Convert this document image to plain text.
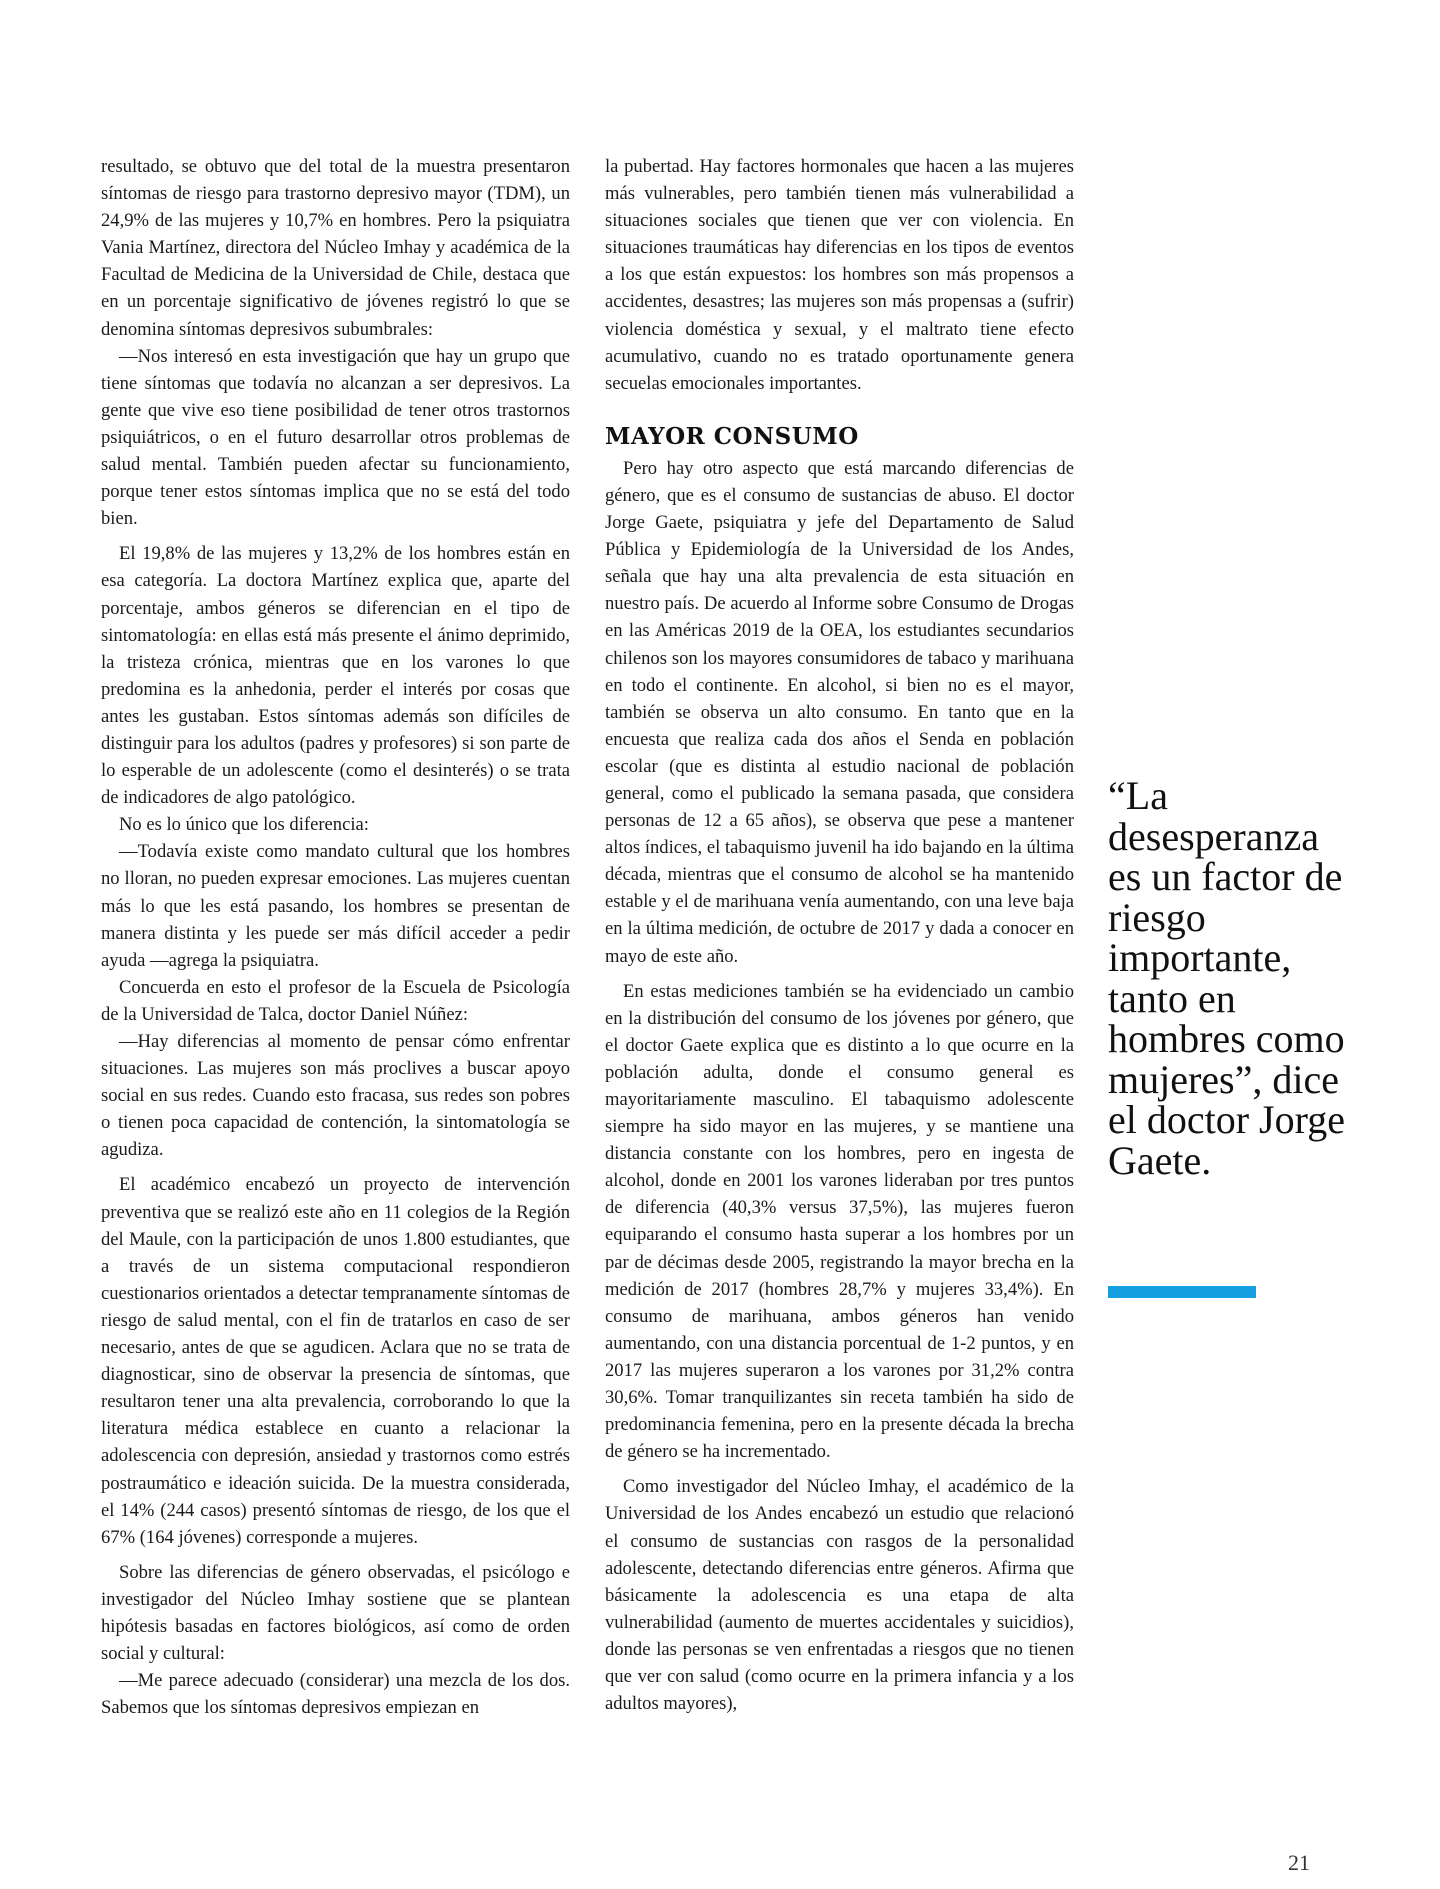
resultado, se obtuvo que del total de la muestra presentaron síntomas de riesgo para trastorno depresivo mayor (TDM), un 24,9% de las mujeres y 10,7% en hombres. Pero la psiquiatra Vania Martínez, directora del Núcleo Imhay y académica de la Facultad de Medicina de la Universidad de Chile, destaca que en un porcentaje significativo de jóvenes registró lo que se denomina síntomas depresivos subumbrales:

—Nos interesó en esta investigación que hay un grupo que tiene síntomas que todavía no alcanzan a ser depresivos. La gente que vive eso tiene posibilidad de tener otros trastornos psiquiátricos, o en el futuro desarrollar otros problemas de salud mental. También pueden afectar su funcionamiento, porque tener estos síntomas implica que no se está del todo bien.

El 19,8% de las mujeres y 13,2% de los hombres están en esa categoría. La doctora Martínez explica que, aparte del porcentaje, ambos géneros se diferencian en el tipo de sintomatología: en ellas está más presente el ánimo deprimido, la tristeza crónica, mientras que en los varones lo que predomina es la anhedonia, perder el interés por cosas que antes les gustaban. Estos síntomas además son difíciles de distinguir para los adultos (padres y profesores) si son parte de lo esperable de un adolescente (como el desinterés) o se trata de indicadores de algo patológico.

No es lo único que los diferencia:

—Todavía existe como mandato cultural que los hombres no lloran, no pueden expresar emociones. Las mujeres cuentan más lo que les está pasando, los hombres se presentan de manera distinta y les puede ser más difícil acceder a pedir ayuda —agrega la psiquiatra.

Concuerda en esto el profesor de la Escuela de Psicología de la Universidad de Talca, doctor Daniel Núñez:

—Hay diferencias al momento de pensar cómo enfrentar situaciones. Las mujeres son más proclives a buscar apoyo social en sus redes. Cuando esto fracasa, sus redes son pobres o tienen poca capacidad de contención, la sintomatología se agudiza.

El académico encabezó un proyecto de intervención preventiva que se realizó este año en 11 colegios de la Región del Maule, con la participación de unos 1.800 estudiantes, que a través de un sistema computacional respondieron cuestionarios orientados a detectar tempranamente síntomas de riesgo de salud mental, con el fin de tratarlos en caso de ser necesario, antes de que se agudicen. Aclara que no se trata de diagnosticar, sino de observar la presencia de síntomas, que resultaron tener una alta prevalencia, corroborando lo que la literatura médica establece en cuanto a relacionar la adolescencia con depresión, ansiedad y trastornos como estrés postraumático e ideación suicida. De la muestra considerada, el 14% (244 casos) presentó síntomas de riesgo, de los que el 67% (164 jóvenes) corresponde a mujeres.

Sobre las diferencias de género observadas, el psicólogo e investigador del Núcleo Imhay sostiene que se plantean hipótesis basadas en factores biológicos, así como de orden social y cultural:

—Me parece adecuado (considerar) una mezcla de los dos. Sabemos que los síntomas depresivos empiezan en

la pubertad. Hay factores hormonales que hacen a las mujeres más vulnerables, pero también tienen más vulnerabilidad a situaciones sociales que tienen que ver con violencia. En situaciones traumáticas hay diferencias en los tipos de eventos a los que están expuestos: los hombres son más propensos a accidentes, desastres; las mujeres son más propensas a (sufrir) violencia doméstica y sexual, y el maltrato tiene efecto acumulativo, cuando no es tratado oportunamente genera secuelas emocionales importantes.

MAYOR CONSUMO

Pero hay otro aspecto que está marcando diferencias de género, que es el consumo de sustancias de abuso. El doctor Jorge Gaete, psiquiatra y jefe del Departamento de Salud Pública y Epidemiología de la Universidad de los Andes, señala que hay una alta prevalencia de esta situación en nuestro país. De acuerdo al Informe sobre Consumo de Drogas en las Américas 2019 de la OEA, los estudiantes secundarios chilenos son los mayores consumidores de tabaco y marihuana en todo el continente. En alcohol, si bien no es el mayor, también se observa un alto consumo. En tanto que en la encuesta que realiza cada dos años el Senda en población escolar (que es distinta al estudio nacional de población general, como el publicado la semana pasada, que considera personas de 12 a 65 años), se observa que pese a mantener altos índices, el tabaquismo juvenil ha ido bajando en la última década, mientras que el consumo de alcohol se ha mantenido estable y el de marihuana venía aumentando, con una leve baja en la última medición, de octubre de 2017 y dada a conocer en mayo de este año.

En estas mediciones también se ha evidenciado un cambio en la distribución del consumo de los jóvenes por género, que el doctor Gaete explica que es distinto a lo que ocurre en la población adulta, donde el consumo general es mayoritariamente masculino. El tabaquismo adolescente siempre ha sido mayor en las mujeres, y se mantiene una distancia constante con los hombres, pero en ingesta de alcohol, donde en 2001 los varones lideraban por tres puntos de diferencia (40,3% versus 37,5%), las mujeres fueron equiparando el consumo hasta superar a los hombres por un par de décimas desde 2005, registrando la mayor brecha en la medición de 2017 (hombres 28,7% y mujeres 33,4%). En consumo de marihuana, ambos géneros han venido aumentando, con una distancia porcentual de 1-2 puntos, y en 2017 las mujeres superaron a los varones por 31,2% contra 30,6%. Tomar tranquilizantes sin receta también ha sido de predominancia femenina, pero en la presente década la brecha de género se ha incrementado.

Como investigador del Núcleo Imhay, el académico de la Universidad de los Andes encabezó un estudio que relacionó el consumo de sustancias con rasgos de la personalidad adolescente, detectando diferencias entre géneros. Afirma que básicamente la adolescencia es una etapa de alta vulnerabilidad (aumento de muertes accidentales y suicidios), donde las personas se ven enfrentadas a riesgos que no tienen que ver con salud (como ocurre en la primera infancia y a los adultos mayores),

“La desesperanza es un factor de riesgo importante, tanto en hombres como mujeres”, dice el doctor Jorge Gaete.
21
